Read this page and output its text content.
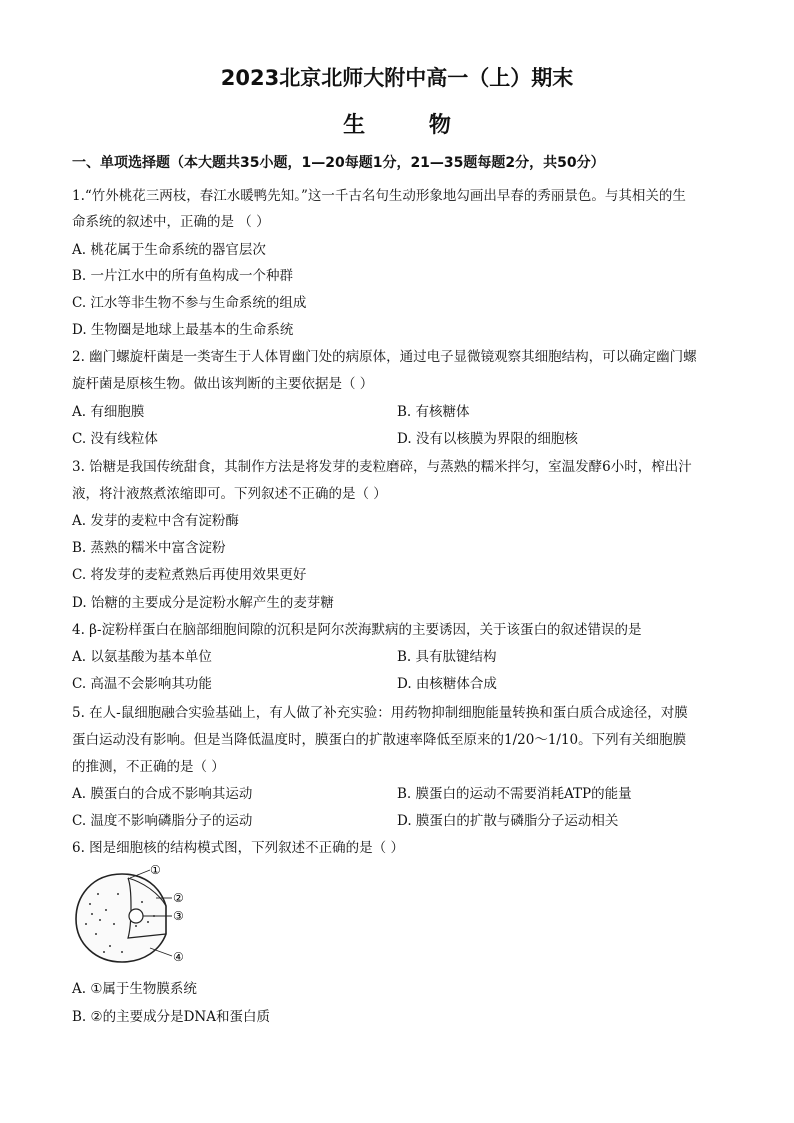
2023北京北师大附中高一（上）期末
生 物
一、单项选择题（本大题共35小题，1—20每题1分，21—35题每题2分，共50分）
1.“竹外桃花三两枝，春江水暖鸭先知。”这一千古名句生动形象地勾画出早春的秀丽景色。与其相关的生
命系统的叙述中，正确的是 （ ）
A. 桃花属于生命系统的器官层次
B. 一片江水中的所有鱼构成一个种群
C. 江水等非生物不参与生命系统的组成
D. 生物圈是地球上最基本的生命系统
2. 幽门螺旋杆菌是一类寄生于人体胃幽门处的病原体，通过电子显微镜观察其细胞结构，可以确定幽门螺
旋杆菌是原核生物。做出该判断的主要依据是（ ）
A. 有细胞膜	B. 有核糖体
C. 没有线粒体	D. 没有以核膜为界限的细胞核
3. 饴糖是我国传统甜食，其制作方法是将发芽的麦粒磨碎，与蒸熟的糯米拌匀，室温发酵6小时，榨出汁
液，将汁液熬煮浓缩即可。下列叙述不正确的是（ ）
A. 发芽的麦粒中含有淀粉酶
B. 蒸熟的糯米中富含淀粉
C. 将发芽的麦粒煮熟后再使用效果更好
D. 饴糖的主要成分是淀粉水解产生的麦芽糖
4. β-淀粉样蛋白在脑部细胞间隙的沉积是阿尔茨海默病的主要诱因，关于该蛋白的叙述错误的是
A. 以氨基酸为基本单位	B. 具有肽键结构
C. 高温不会影响其功能	D. 由核糖体合成
5. 在人-鼠细胞融合实验基础上，有人做了补充实验：用药物抑制细胞能量转换和蛋白质合成途径，对膜
蛋白运动没有影响。但是当降低温度时，膜蛋白的扩散速率降低至原来的1/20～1/10。下列有关细胞膜
的推测，不正确的是（ ）
A. 膜蛋白的合成不影响其运动	B. 膜蛋白的运动不需要消耗ATP的能量
C. 温度不影响磷脂分子的运动	D. 膜蛋白的扩散与磷脂分子运动相关
6. 图是细胞核的结构模式图，下列叙述不正确的是（ ）
①
②
③
④
A. ①属于生物膜系统
B. ②的主要成分是DNA和蛋白质
